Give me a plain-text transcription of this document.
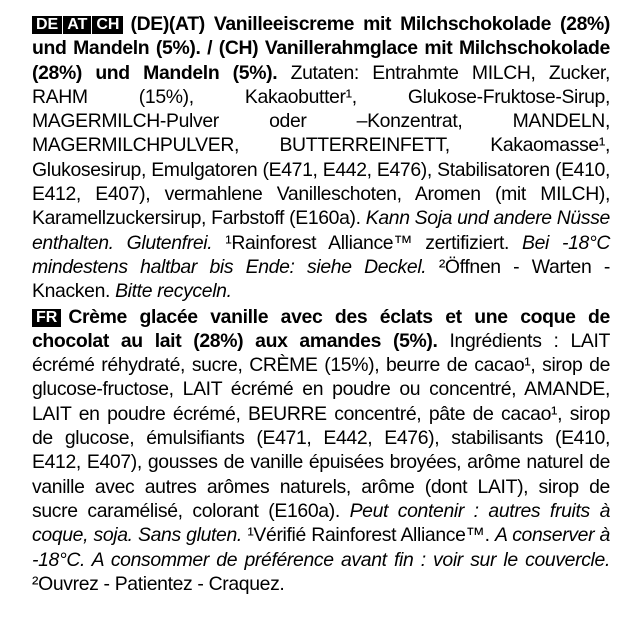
DE AT CH (DE)(AT) Vanilleeiscreme mit Milchschokolade (28%) und Mandeln (5%). / (CH) Vanillerahmglace mit Milchschokolade (28%) und Mandeln (5%). Zutaten: Entrahmte MILCH, Zucker, RAHM (15%), Kakaobutter¹, Glukose-Fruktose-Sirup, MAGERMILCH-Pulver oder –Konzentrat, MANDELN, MAGERMILCHPULVER, BUTTERREINFETT, Kakaomasse¹, Glukosesirup, Emulgatoren (E471, E442, E476), Stabilisatoren (E410, E412, E407), vermahlene Vanilleschoten, Aromen (mit MILCH), Karamellzuckersirup, Farbstoff (E160a). Kann Soja und andere Nüsse enthalten. Glutenfrei. ¹Rainforest Alliance™ zertifiziert. Bei -18°C mindestens haltbar bis Ende: siehe Deckel. ²Öffnen - Warten - Knacken. Bitte recyceln.

FR Crème glacée vanille avec des éclats et une coque de chocolat au lait (28%) aux amandes (5%). Ingrédients : LAIT écrémé réhydraté, sucre, CRÈME (15%), beurre de cacao¹, sirop de glucose-fructose, LAIT écrémé en poudre ou concentré, AMANDE, LAIT en poudre écrémé, BEURRE concentré, pâte de cacao¹, sirop de glucose, émulsifiants (E471, E442, E476), stabilisants (E410, E412, E407), gousses de vanille épuisées broyées, arôme naturel de vanille avec autres arômes naturels, arôme (dont LAIT), sirop de sucre caramélisé, colorant (E160a). Peut contenir : autres fruits à coque, soja. Sans gluten. ¹Vérifié Rainforest Alliance™. A conserver à -18°C. A consommer de préférence avant fin : voir sur le couvercle. ²Ouvrez - Patientez - Craquez.
